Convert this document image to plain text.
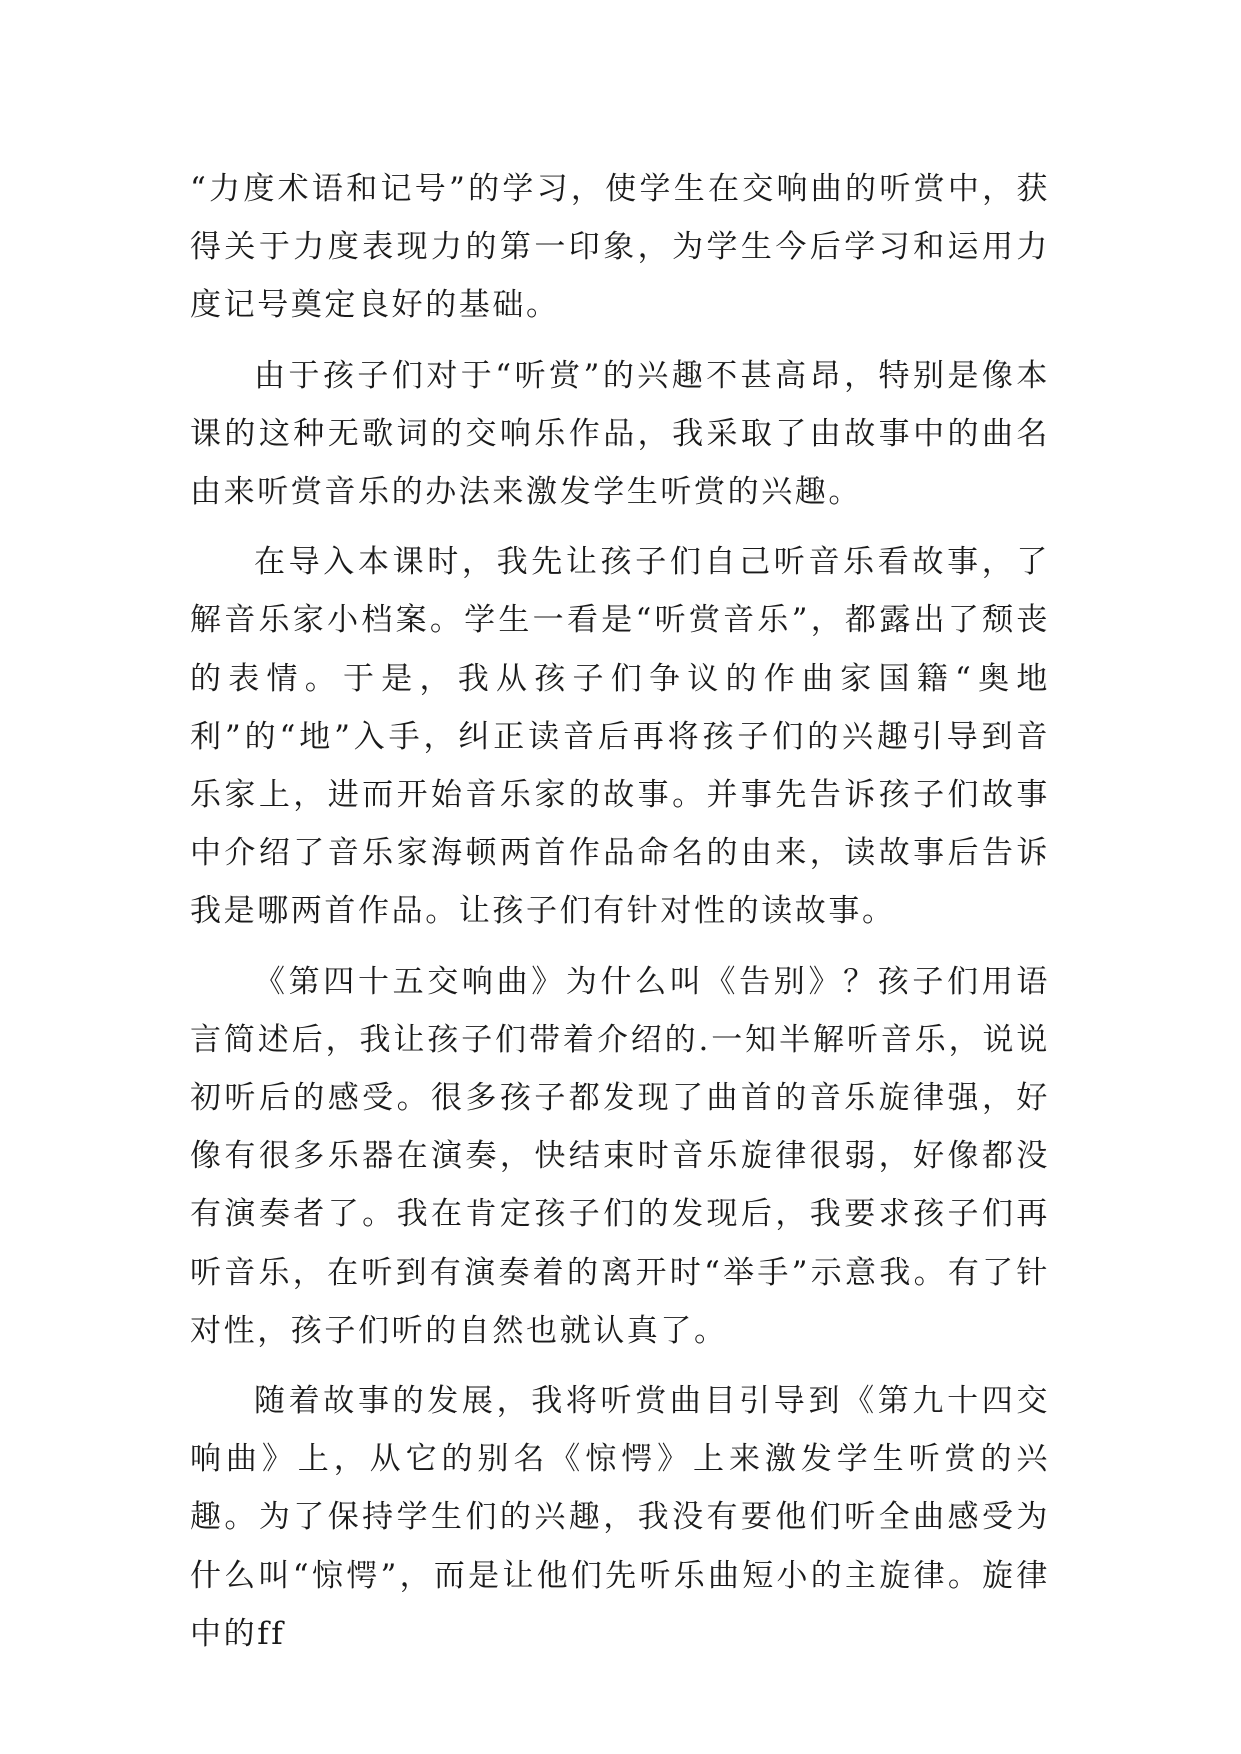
“力度术语和记号”的学习，使学生在交响曲的听赏中，获得关于力度表现力的第一印象，为学生今后学习和运用力度记号奠定良好的基础。

由于孩子们对于“听赏”的兴趣不甚高昂，特别是像本课的这种无歌词的交响乐作品，我采取了由故事中的曲名由来听赏音乐的办法来激发学生听赏的兴趣。

在导入本课时，我先让孩子们自己听音乐看故事，了解音乐家小档案。学生一看是“听赏音乐”，都露出了颓丧的表情。于是，我从孩子们争议的作曲家国籍“奥地利”的“地”入手，纠正读音后再将孩子们的兴趣引导到音乐家上，进而开始音乐家的故事。并事先告诉孩子们故事中介绍了音乐家海顿两首作品命名的由来，读故事后告诉我是哪两首作品。让孩子们有针对性的读故事。

《第四十五交响曲》为什么叫《告别》？孩子们用语言简述后，我让孩子们带着介绍的.一知半解听音乐，说说初听后的感受。很多孩子都发现了曲首的音乐旋律强，好像有很多乐器在演奏，快结束时音乐旋律很弱，好像都没有演奏者了。我在肯定孩子们的发现后，我要求孩子们再听音乐，在听到有演奏着的离开时“举手”示意我。有了针对性，孩子们听的自然也就认真了。

随着故事的发展，我将听赏曲目引导到《第九十四交响曲》上，从它的别名《惊愕》上来激发学生听赏的兴趣。为了保持学生们的兴趣，我没有要他们听全曲感受为什么叫“惊愕”，而是让他们先听乐曲短小的主旋律。旋律中的ff
